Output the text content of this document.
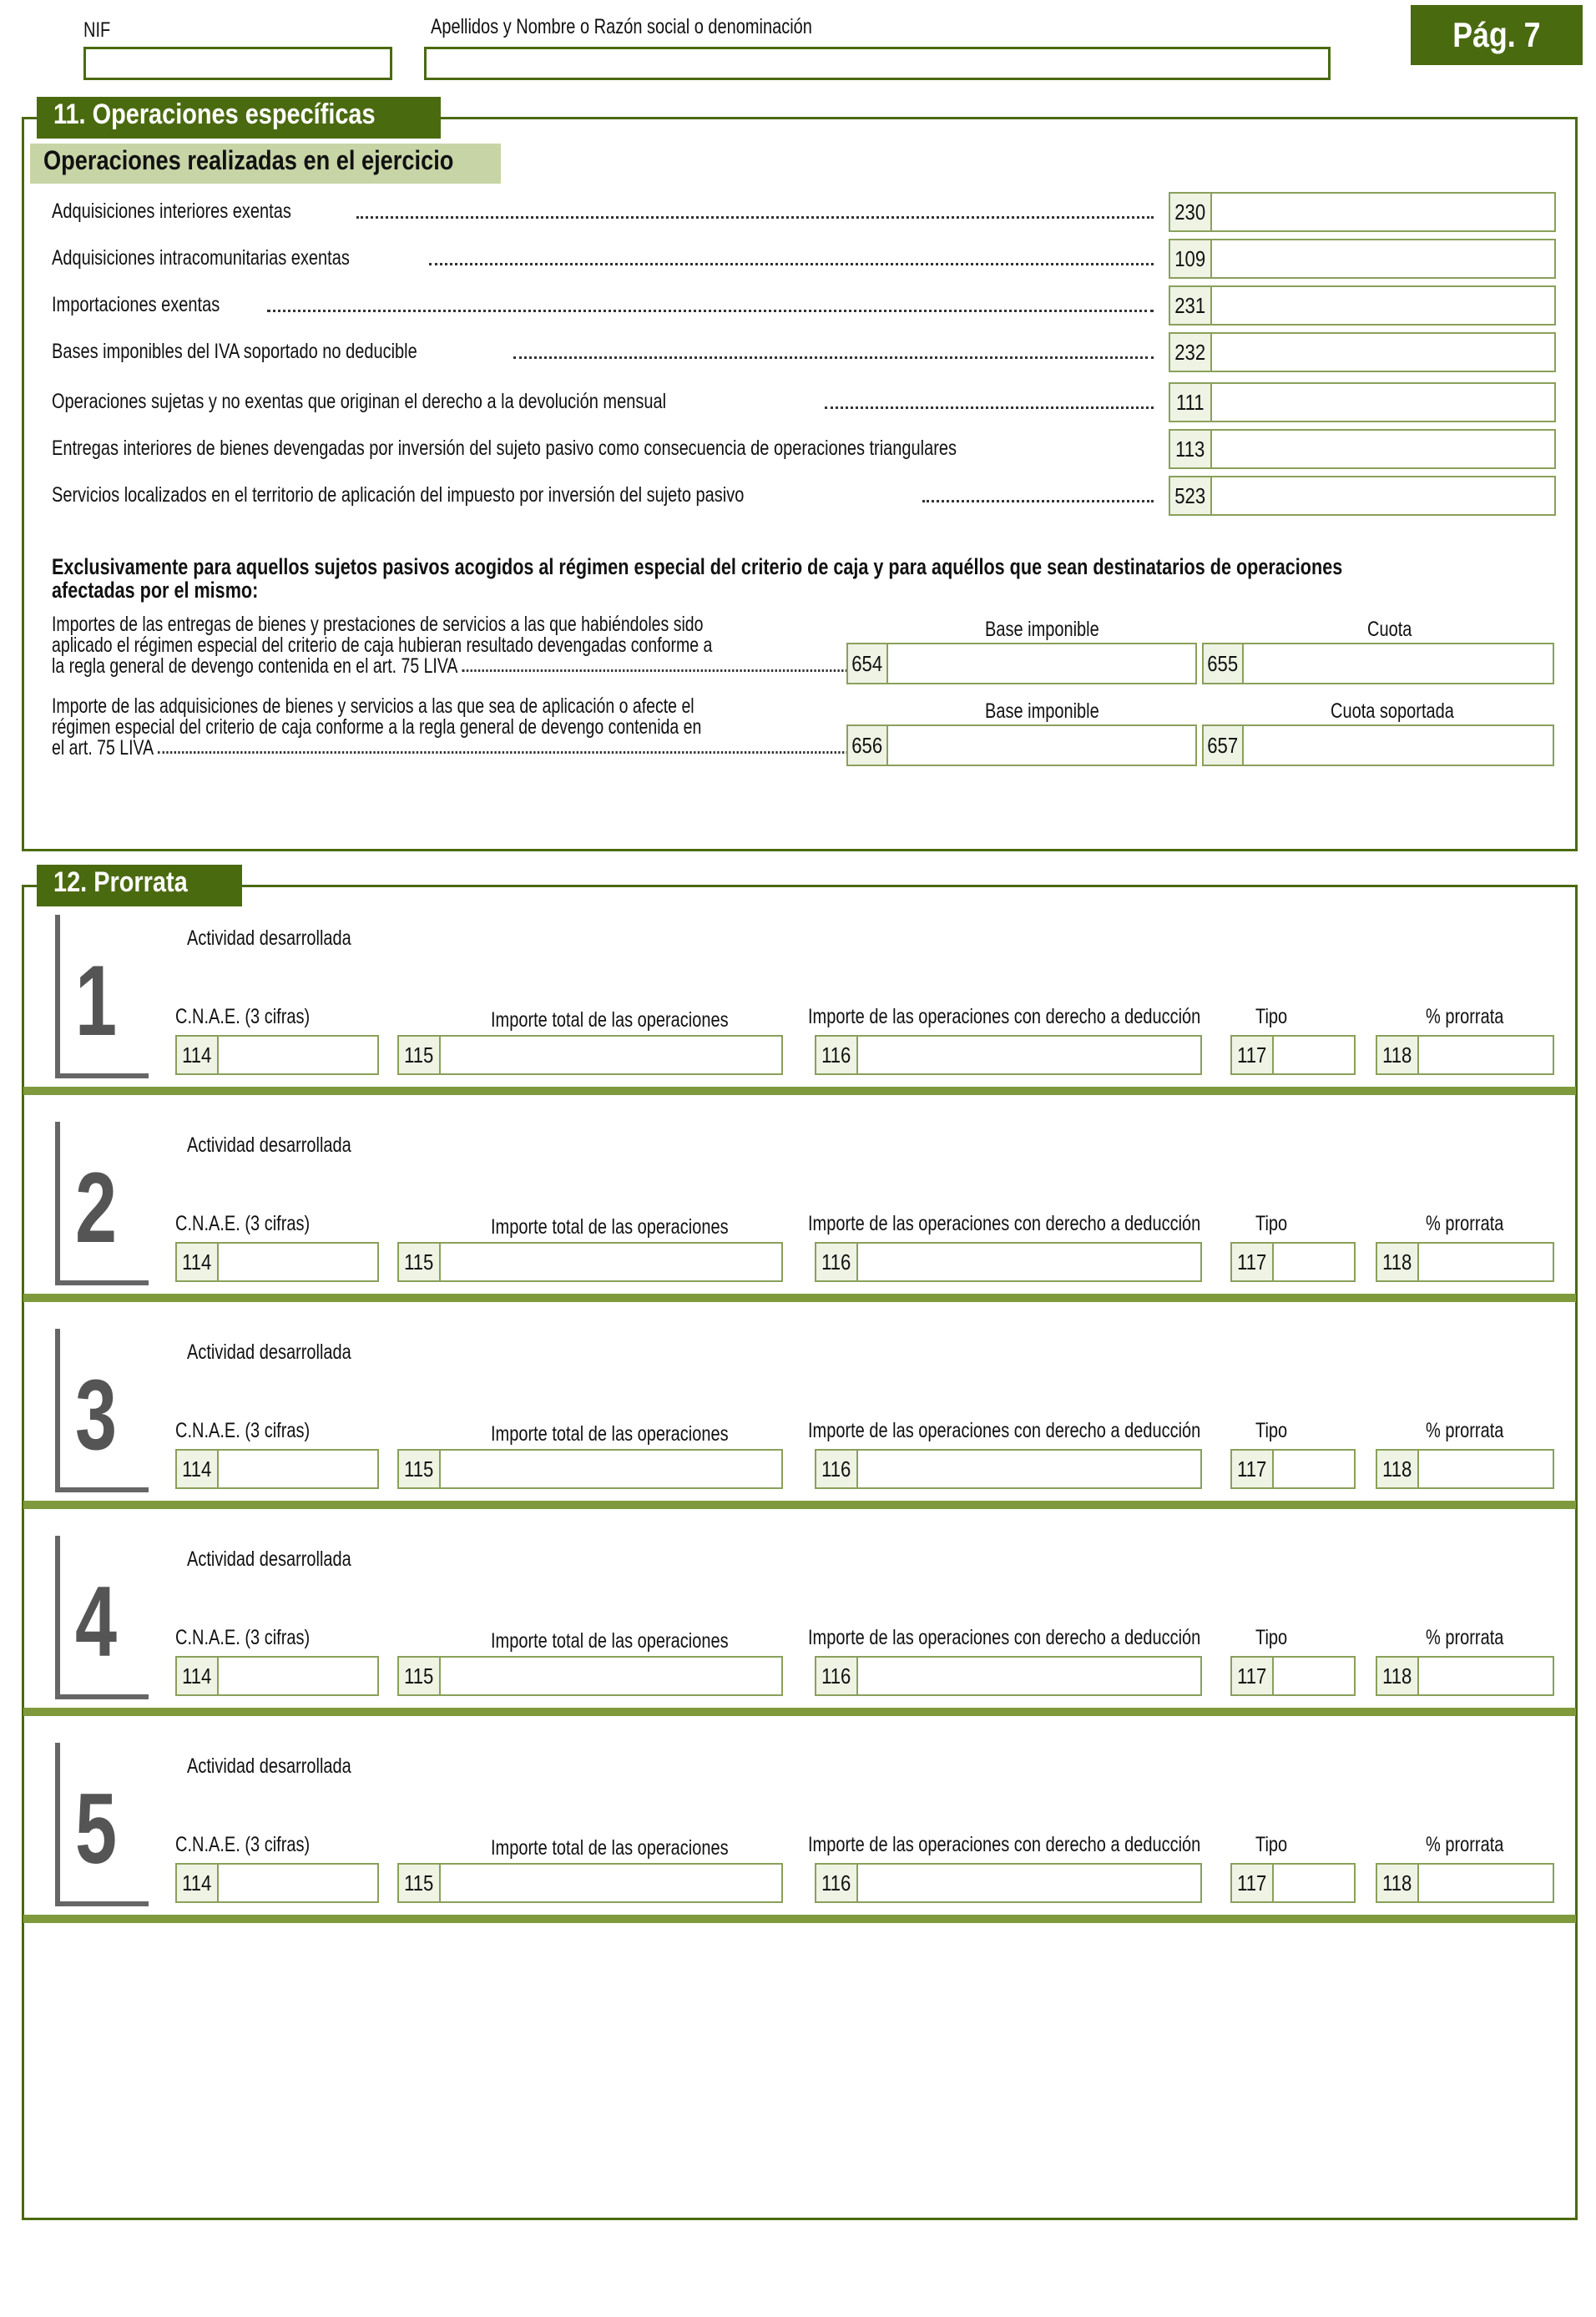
NIF	Apellidos y Nombre o Razón social o denominación	Pág. 7
11. Operaciones específicas
Operaciones realizadas en el ejercicio
Adquisiciones interiores exentas	230
Adquisiciones intracomunitarias exentas	109
Importaciones exentas	231
Bases imponibles del IVA soportado no deducible	232
Operaciones sujetas y no exentas que originan el derecho a la devolución mensual	111
Entregas interiores de bienes devengadas por inversión del sujeto pasivo como consecuencia de operaciones triangulares	113
Servicios localizados en el territorio de aplicación del impuesto por inversión del sujeto pasivo	523
Exclusivamente para aquellos sujetos pasivos acogidos al régimen especial del criterio de caja y para aquéllos que sean destinatarios de operaciones
afectadas por el mismo:
Importes de las entregas de bienes y prestaciones de servicios a las que habiéndoles sido
aplicado el régimen especial del criterio de caja hubieran resultado devengadas conforme a
la regla general de devengo contenida en el art. 75 LIVA
Base imponible	Cuota
654	655
Importe de las adquisiciones de bienes y servicios a las que sea de aplicación o afecte el
régimen especial del criterio de caja conforme a la regla general de devengo contenida en
el art. 75 LIVA
Base imponible	Cuota soportada
656	657
12. Prorrata
1
Actividad desarrollada
C.N.A.E. (3 cifras)	Importe total de las operaciones	Importe de las operaciones con derecho a deducción	Tipo	% prorrata
114	115	116	117	118
2
Actividad desarrollada
C.N.A.E. (3 cifras)	Importe total de las operaciones	Importe de las operaciones con derecho a deducción	Tipo	% prorrata
114	115	116	117	118
3
Actividad desarrollada
C.N.A.E. (3 cifras)	Importe total de las operaciones	Importe de las operaciones con derecho a deducción	Tipo	% prorrata
114	115	116	117	118
4
Actividad desarrollada
C.N.A.E. (3 cifras)	Importe total de las operaciones	Importe de las operaciones con derecho a deducción	Tipo	% prorrata
114	115	116	117	118
5
Actividad desarrollada
C.N.A.E. (3 cifras)	Importe total de las operaciones	Importe de las operaciones con derecho a deducción	Tipo	% prorrata
114	115	116	117	118
